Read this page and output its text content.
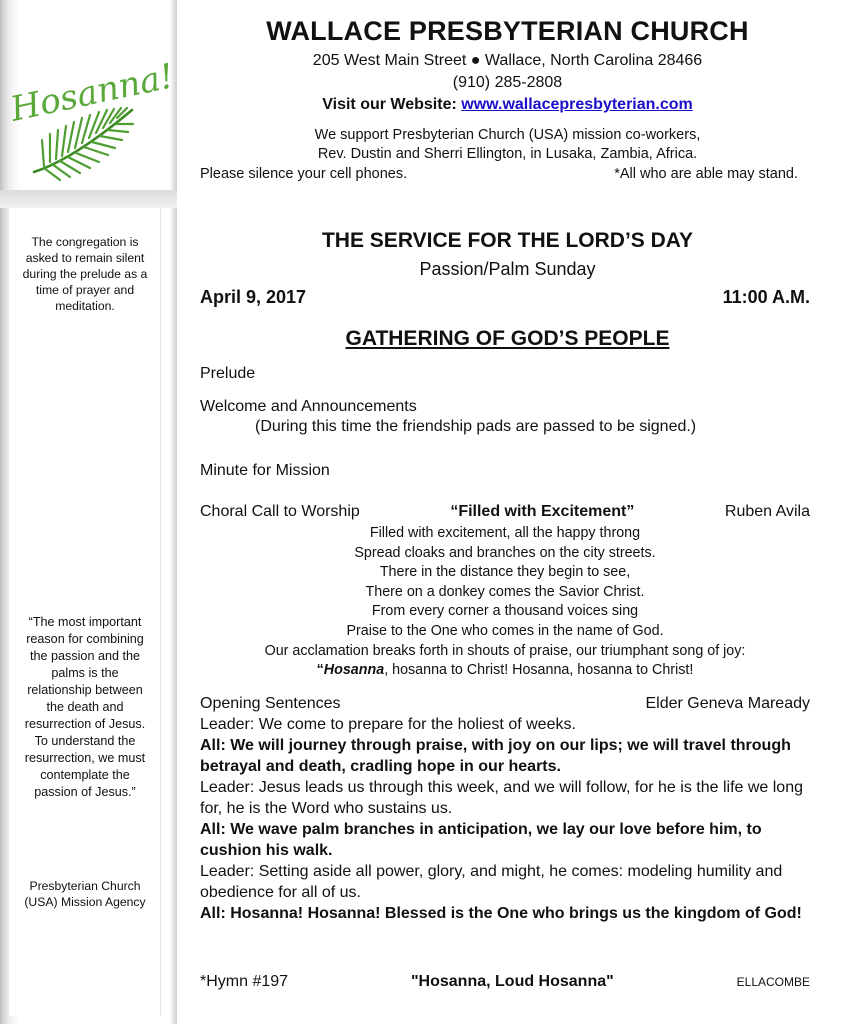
Hosanna!
The congregation is asked to remain silent during the prelude as a time of prayer and meditation.
“The most important reason for combining the passion and the palms is the relationship between the death and resurrection of Jesus. To understand the resurrection, we must contemplate the passion of Jesus.”
Presbyterian Church (USA) Mission Agency
WALLACE PRESBYTERIAN CHURCH
205 West Main Street ● Wallace, North Carolina 28466
(910) 285-2808
Visit our Website: www.wallacepresbyterian.com
We support Presbyterian Church (USA) mission co-workers,
Rev. Dustin and Sherri Ellington, in Lusaka, Zambia, Africa.
Please silence your cell phones.	*All who are able may stand.
THE SERVICE FOR THE LORD’S DAY
Passion/Palm Sunday
April 9, 2017	11:00 A.M.
GATHERING OF GOD’S PEOPLE
Prelude
Welcome and Announcements
(During this time the friendship pads are passed to be signed.)
Minute for Mission
Choral Call to Worship	“Filled with Excitement”	Ruben Avila
Filled with excitement, all the happy throng
Spread cloaks and branches on the city streets.
There in the distance they begin to see,
There on a donkey comes the Savior Christ.
From every corner a thousand voices sing
Praise to the One who comes in the name of God.
Our acclamation breaks forth in shouts of praise, our triumphant song of joy:
“Hosanna, hosanna to Christ! Hosanna, hosanna to Christ!
Opening Sentences	Elder Geneva Maready
Leader: We come to prepare for the holiest of weeks.
All: We will journey through praise, with joy on our lips; we will travel through betrayal and death, cradling hope in our hearts.
Leader: Jesus leads us through this week, and we will follow, for he is the life we long for, he is the Word who sustains us.
All: We wave palm branches in anticipation, we lay our love before him, to cushion his walk.
Leader: Setting aside all power, glory, and might, he comes: modeling humility and obedience for all of us.
All: Hosanna! Hosanna! Blessed is the One who brings us the kingdom of God!
*Hymn #197	"Hosanna, Loud Hosanna"	ELLACOMBE
